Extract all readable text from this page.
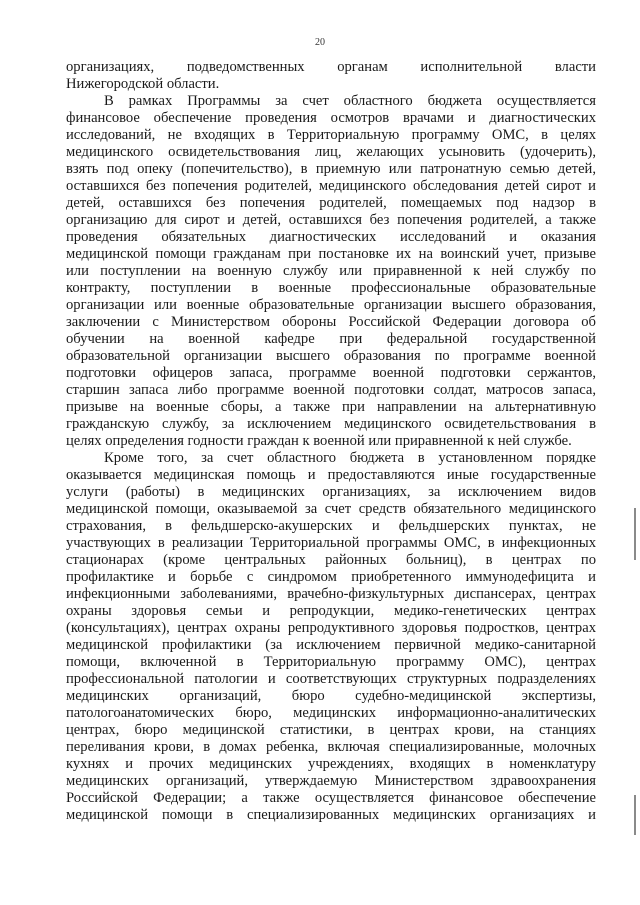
20

организациях, подведомственных органам исполнительной власти
Нижегородской области.

В рамках Программы за счет областного бюджета осуществляется
финансовое обеспечение проведения осмотров врачами и диагностических
исследований, не входящих в Территориальную программу ОМС, в целях
медицинского освидетельствования лиц, желающих усыновить (удочерить),
взять под опеку (попечительство), в приемную или патронатную семью детей,
оставшихся без попечения родителей, медицинского обследования детей сирот и
детей, оставшихся без попечения родителей, помещаемых под надзор в
организацию для сирот и детей, оставшихся без попечения родителей, а также
проведения обязательных диагностических исследований и оказания
медицинской помощи гражданам при постановке их на воинский учет, призыве
или поступлении на военную службу или приравненной к ней службу по
контракту, поступлении в военные профессиональные образовательные
организации или военные образовательные организации высшего образования,
заключении с Министерством обороны Российской Федерации договора об
обучении на военной кафедре при федеральной государственной
образовательной организации высшего образования по программе военной
подготовки офицеров запаса, программе военной подготовки сержантов,
старшин запаса либо программе военной подготовки солдат, матросов запаса,
призыве на военные сборы, а также при направлении на альтернативную
гражданскую службу, за исключением медицинского освидетельствования в
целях определения годности граждан к военной или приравненной к ней службе.

Кроме того, за счет областного бюджета в установленном порядке
оказывается медицинская помощь и предоставляются иные государственные
услуги (работы) в медицинских организациях, за исключением видов
медицинской помощи, оказываемой за счет средств обязательного медицинского
страхования, в фельдшерско-акушерских и фельдшерских пунктах, не
участвующих в реализации Территориальной программы ОМС, в инфекционных
стационарах (кроме центральных районных больниц), в центрах по
профилактике и борьбе с синдромом приобретенного иммунодефицита и
инфекционными заболеваниями, врачебно-физкультурных диспансерах, центрах
охраны здоровья семьи и репродукции, медико-генетических центрах
(консультациях), центрах охраны репродуктивного здоровья подростков, центрах
медицинской профилактики (за исключением первичной медико-санитарной
помощи, включенной в Территориальную программу ОМС), центрах
профессиональной патологии и соответствующих структурных подразделениях
медицинских организаций, бюро судебно-медицинской экспертизы,
патологоанатомических бюро, медицинских информационно-аналитических
центрах, бюро медицинской статистики, в центрах крови, на станциях
переливания крови, в домах ребенка, включая специализированные, молочных
кухнях и прочих медицинских учреждениях, входящих в номенклатуру
медицинских организаций, утверждаемую Министерством здравоохранения
Российской Федерации; а также осуществляется финансовое обеспечение
медицинской помощи в специализированных медицинских организациях и
